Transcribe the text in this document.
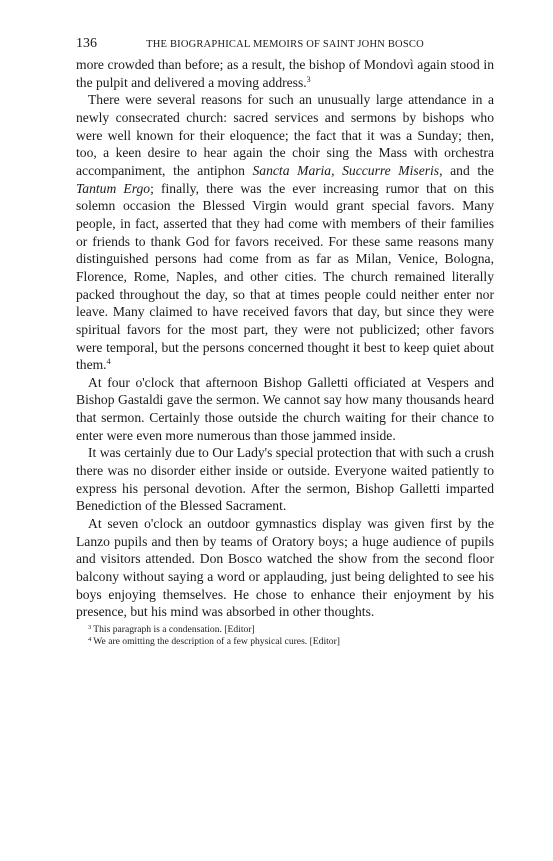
136	THE BIOGRAPHICAL MEMOIRS OF SAINT JOHN BOSCO

more crowded than before; as a result, the bishop of Mondovì again stood in the pulpit and delivered a moving address.$^3$

There were several reasons for such an unusually large attendance in a newly consecrated church: sacred services and sermons by bishops who were well known for their eloquence; the fact that it was a Sunday; then, too, a keen desire to hear again the choir sing the Mass with orchestra accompaniment, the antiphon Sancta Maria, Succurre Miseris, and the Tantum Ergo; finally, there was the ever increasing rumor that on this solemn occasion the Blessed Virgin would grant special favors. Many people, in fact, asserted that they had come with members of their families or friends to thank God for favors received. For these same reasons many distinguished persons had come from as far as Milan, Venice, Bologna, Florence, Rome, Naples, and other cities. The church remained literally packed throughout the day, so that at times people could neither enter nor leave. Many claimed to have received favors that day, but since they were spiritual favors for the most part, they were not publicized; other favors were temporal, but the persons concerned thought it best to keep quiet about them.$^4$

At four o'clock that afternoon Bishop Galletti officiated at Vespers and Bishop Gastaldi gave the sermon. We cannot say how many thousands heard that sermon. Certainly those outside the church waiting for their chance to enter were even more numerous than those jammed inside.

It was certainly due to Our Lady's special protection that with such a crush there was no disorder either inside or outside. Everyone waited patiently to express his personal devotion. After the sermon, Bishop Galletti imparted Benediction of the Blessed Sacrament.

At seven o'clock an outdoor gymnastics display was given first by the Lanzo pupils and then by teams of Oratory boys; a huge audience of pupils and visitors attended. Don Bosco watched the show from the second floor balcony without saying a word or applauding, just being delighted to see his boys enjoying themselves. He chose to enhance their enjoyment by his presence, but his mind was absorbed in other thoughts.

$^3$ This paragraph is a condensation. [Editor]
$^4$ We are omitting the description of a few physical cures. [Editor]
